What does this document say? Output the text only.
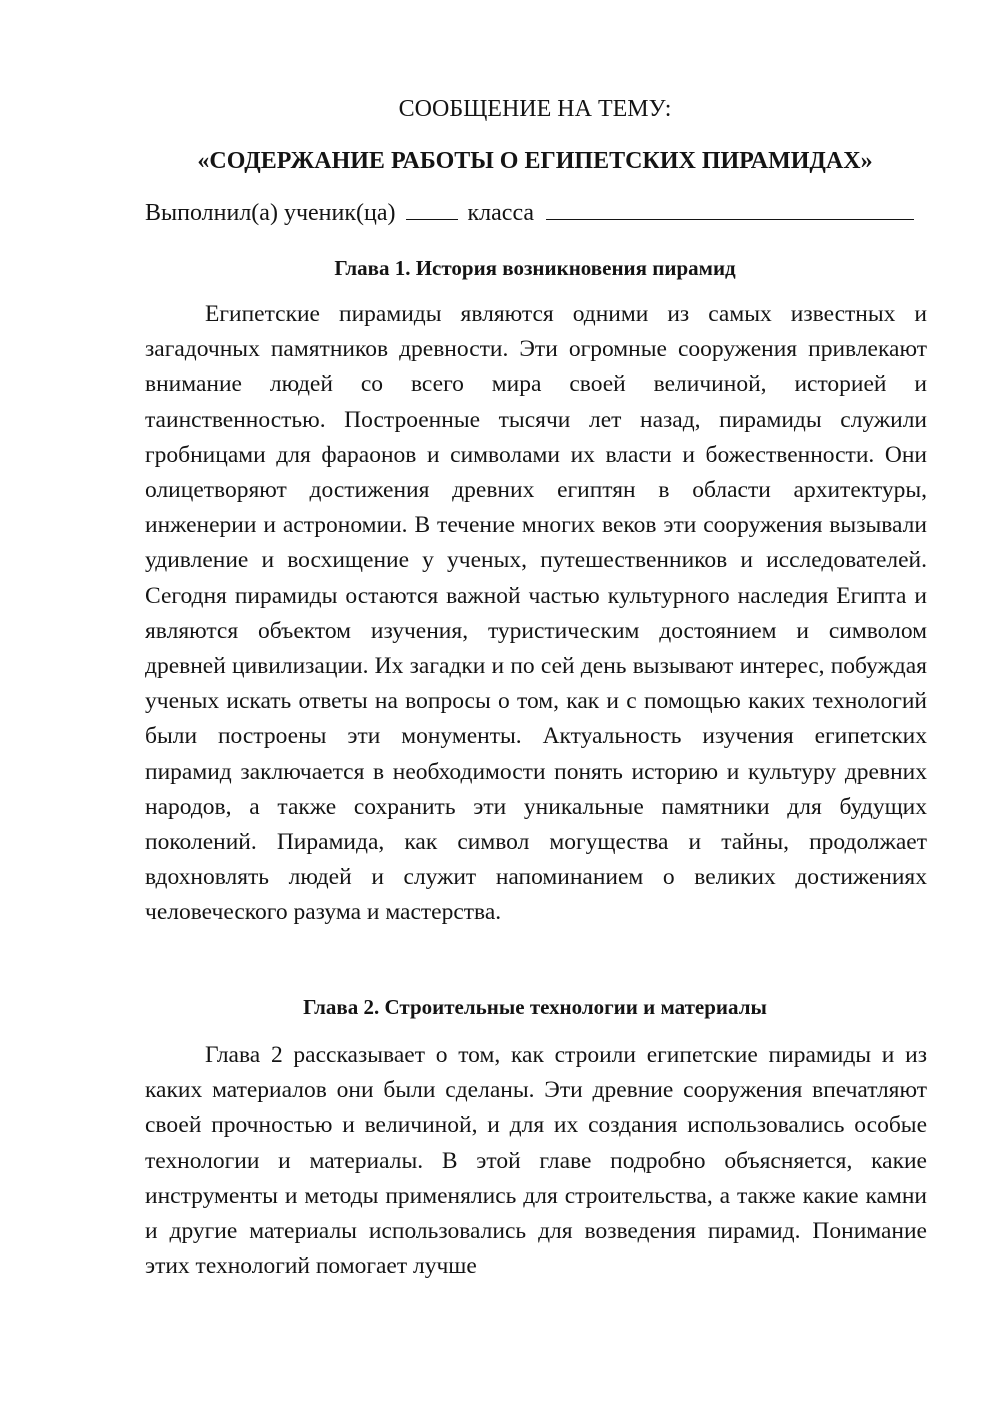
СООБЩЕНИЕ НА ТЕМУ:
«СОДЕРЖАНИЕ РАБОТЫ О ЕГИПЕТСКИХ ПИРАМИДАХ»
Выполнил(а) ученик(ца)	класса
Глава 1. История возникновения пирамид

Египетские пирамиды являются одними из самых известных и загадочных памятников древности. Эти огромные сооружения привлекают внимание людей со всего мира своей величиной, историей и таинственностью. Построенные тысячи лет назад, пирамиды служили гробницами для фараонов и символами их власти и божественности. Они олицетворяют достижения древних египтян в области архитектуры, инженерии и астрономии. В течение многих веков эти сооружения вызывали удивление и восхищение у ученых, путешественников и исследователей. Сегодня пирамиды остаются важной частью культурного наследия Египта и являются объектом изучения, туристическим достоянием и символом древней цивилизации. Их загадки и по сей день вызывают интерес, побуждая ученых искать ответы на вопросы о том, как и с помощью каких технологий были построены эти монументы. Актуальность изучения египетских пирамид заключается в необходимости понять историю и культуру древних народов, а также сохранить эти уникальные памятники для будущих поколений. Пирамида, как символ могущества и тайны, продолжает вдохновлять людей и служит напоминанием о великих достижениях человеческого разума и мастерства.

Глава 2. Строительные технологии и материалы

Глава 2 рассказывает о том, как строили египетские пирамиды и из каких материалов они были сделаны. Эти древние сооружения впечатляют своей прочностью и величиной, и для их создания использовались особые технологии и материалы. В этой главе подробно объясняется, какие инструменты и методы применялись для строительства, а также какие камни и другие материалы использовались для возведения пирамид. Понимание этих технологий помогает лучше
